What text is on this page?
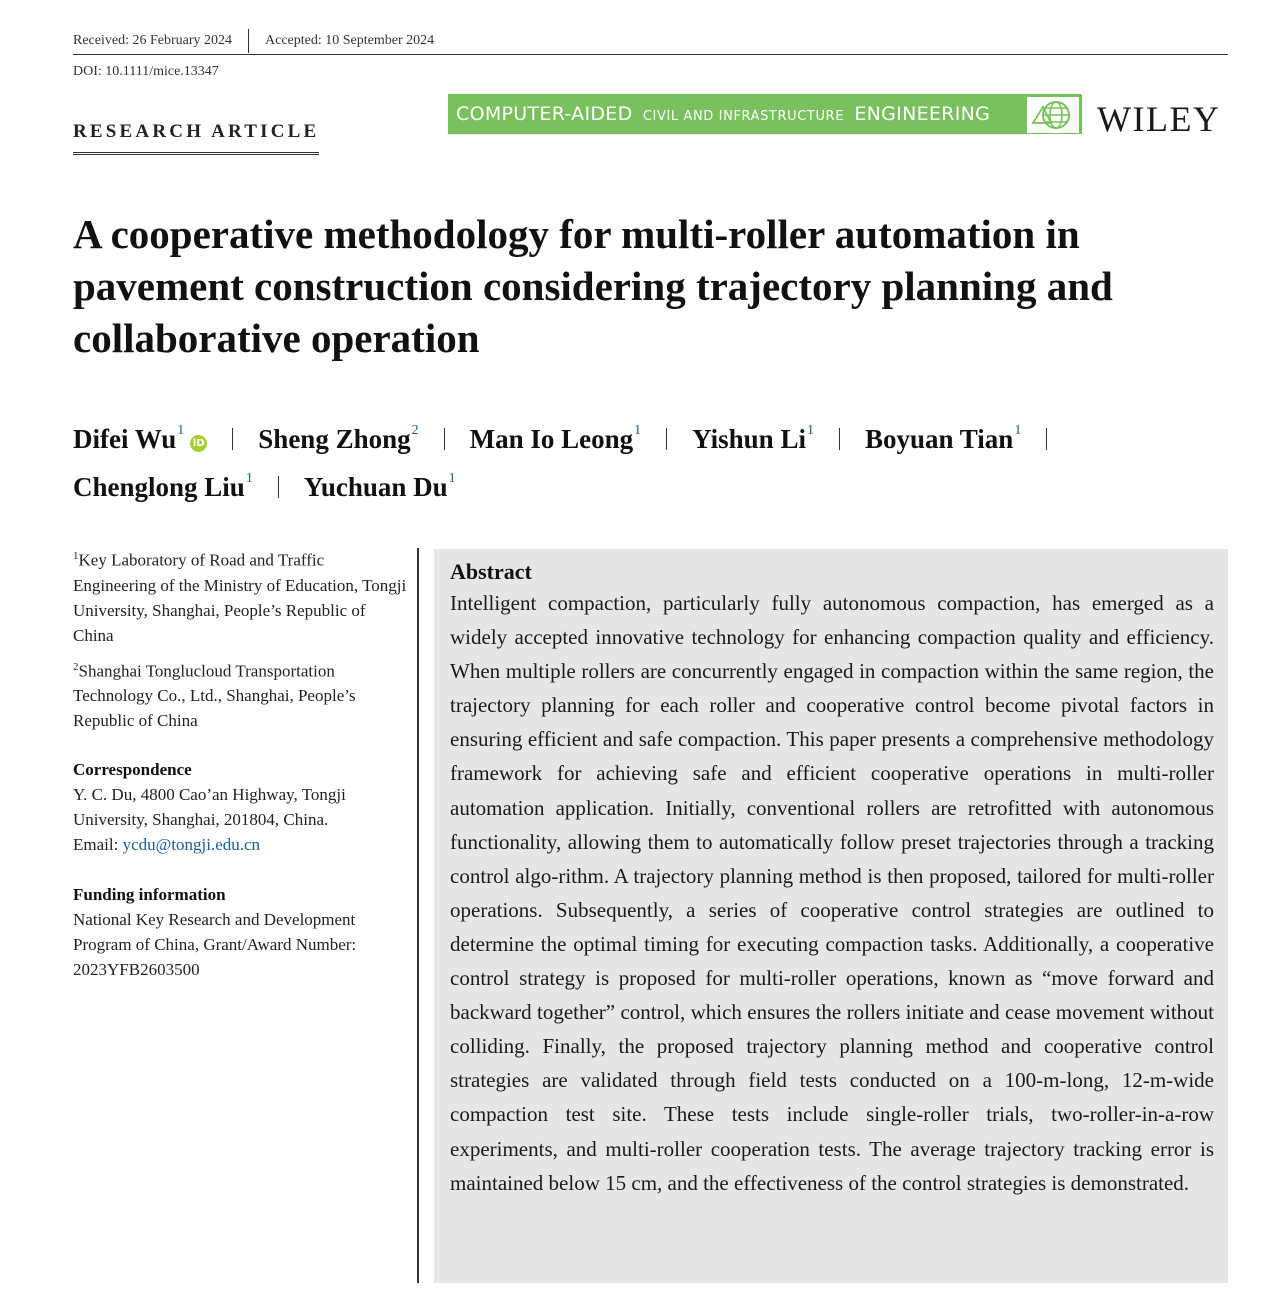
Received: 26 February 2024 Accepted: 10 September 2024
DOI: 10.1111/mice.13347
RESEARCH ARTICLE
COMPUTER-AIDED CIVIL AND INFRASTRUCTURE ENGINEERING	WILEY
A cooperative methodology for multi-roller automation in pavement construction considering trajectory planning and collaborative operation
Difei Wu$^1$iD Sheng Zhong$^2$ Man Io Leong$^1$ Yishun Li$^1$ Boyuan Tian$^1$
Chenglong Liu$^1$ Yuchuan Du$^1$
$^1$Key Laboratory of Road and Traffic Engineering of the Ministry of Education, Tongji University, Shanghai, People’s Republic of China
$^2$Shanghai Tonglucloud Transportation Technology Co., Ltd., Shanghai, People’s Republic of China
Correspondence
Y. C. Du, 4800 Cao’an Highway, Tongji University, Shanghai, 201804, China.
Email: ycdu@tongji.edu.cn
Funding information
National Key Research and Development Program of China, Grant/Award Number: 2023YFB2603500
Abstract

Intelligent compaction, particularly fully autonomous compaction, has emerged as a widely accepted innovative technology for enhancing compaction quality and efficiency. When multiple rollers are concurrently engaged in compaction within the same region, the trajectory planning for each roller and cooperative control become pivotal factors in ensuring efficient and safe compaction. This paper presents a comprehensive methodology framework for achieving safe and efficient cooperative operations in multi-roller automation application. Initially, conventional rollers are retrofitted with autonomous functionality, allowing them to automatically follow preset trajectories through a tracking control algo-rithm. A trajectory planning method is then proposed, tailored for multi-roller operations. Subsequently, a series of cooperative control strategies are outlined to determine the optimal timing for executing compaction tasks. Additionally, a cooperative control strategy is proposed for multi-roller operations, known as “move forward and backward together” control, which ensures the rollers initiate and cease movement without colliding. Finally, the proposed trajectory planning method and cooperative control strategies are validated through field tests conducted on a 100-m-long, 12-m-wide compaction test site. These tests include single-roller trials, two-roller-in-a-row experiments, and multi-roller cooperation tests. The average trajectory tracking error is maintained below 15 cm, and the effectiveness of the control strategies is demonstrated.
